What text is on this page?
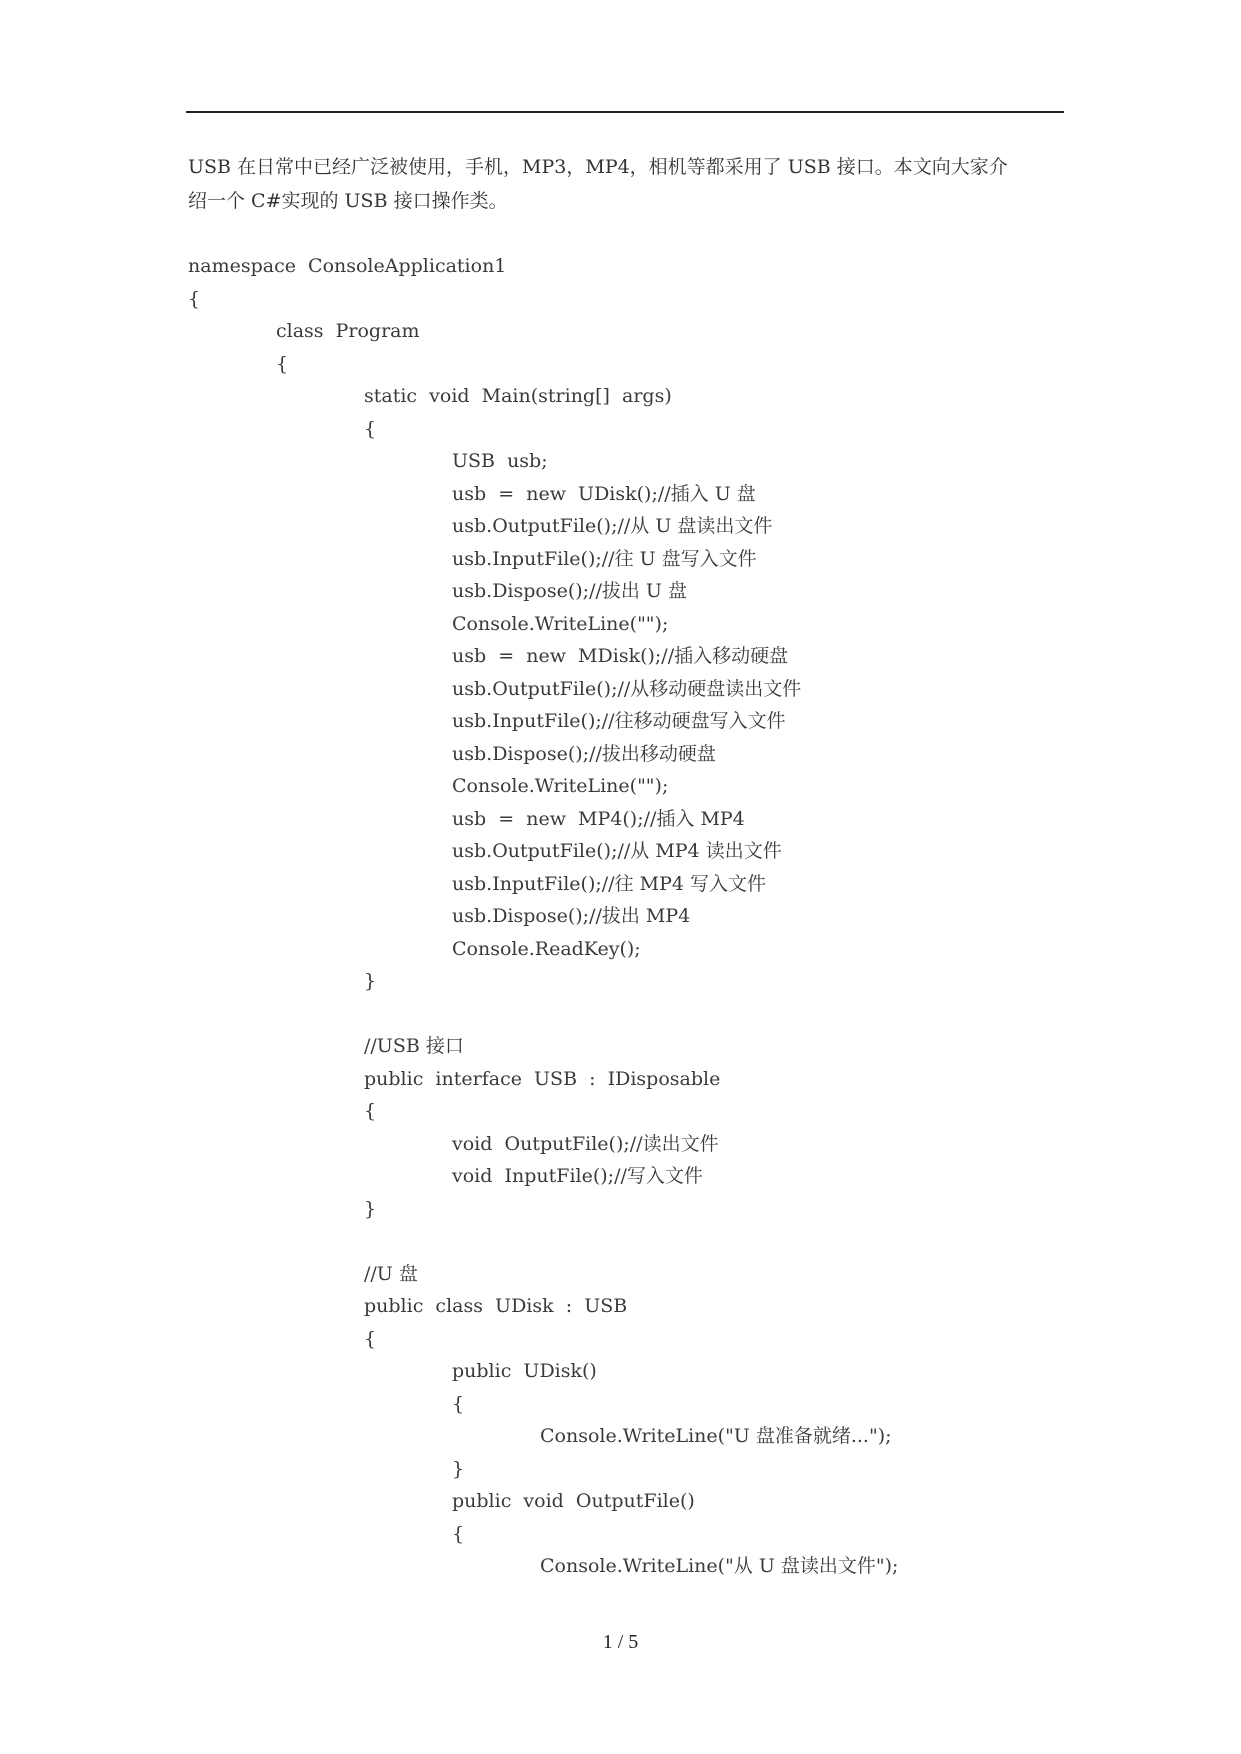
USB 在日常中已经广泛被使用，手机，MP3，MP4，相机等都采用了 USB 接口。本文向大家介

绍一个 C#实现的 USB 接口操作类。

namespace  ConsoleApplication1
{
class  Program
{
static  void  Main(string[]  args)
{
USB  usb;
usb  =  new  UDisk();//插入 U 盘
usb.OutputFile();//从 U 盘读出文件
usb.InputFile();//往 U 盘写入文件
usb.Dispose();//拔出 U 盘
Console.WriteLine("");
usb  =  new  MDisk();//插入移动硬盘
usb.OutputFile();//从移动硬盘读出文件
usb.InputFile();//往移动硬盘写入文件
usb.Dispose();//拔出移动硬盘
Console.WriteLine("");
usb  =  new  MP4();//插入 MP4
usb.OutputFile();//从 MP4 读出文件
usb.InputFile();//往 MP4 写入文件
usb.Dispose();//拔出 MP4
Console.ReadKey();
}
//USB 接口
public  interface  USB  :  IDisposable
{
void  OutputFile();//读出文件
void  InputFile();//写入文件
}
//U 盘
public  class  UDisk  :  USB
{
public  UDisk()
{
Console.WriteLine("U 盘准备就绪...");
}
public  void  OutputFile()
{
Console.WriteLine("从 U 盘读出文件");
1 / 5
